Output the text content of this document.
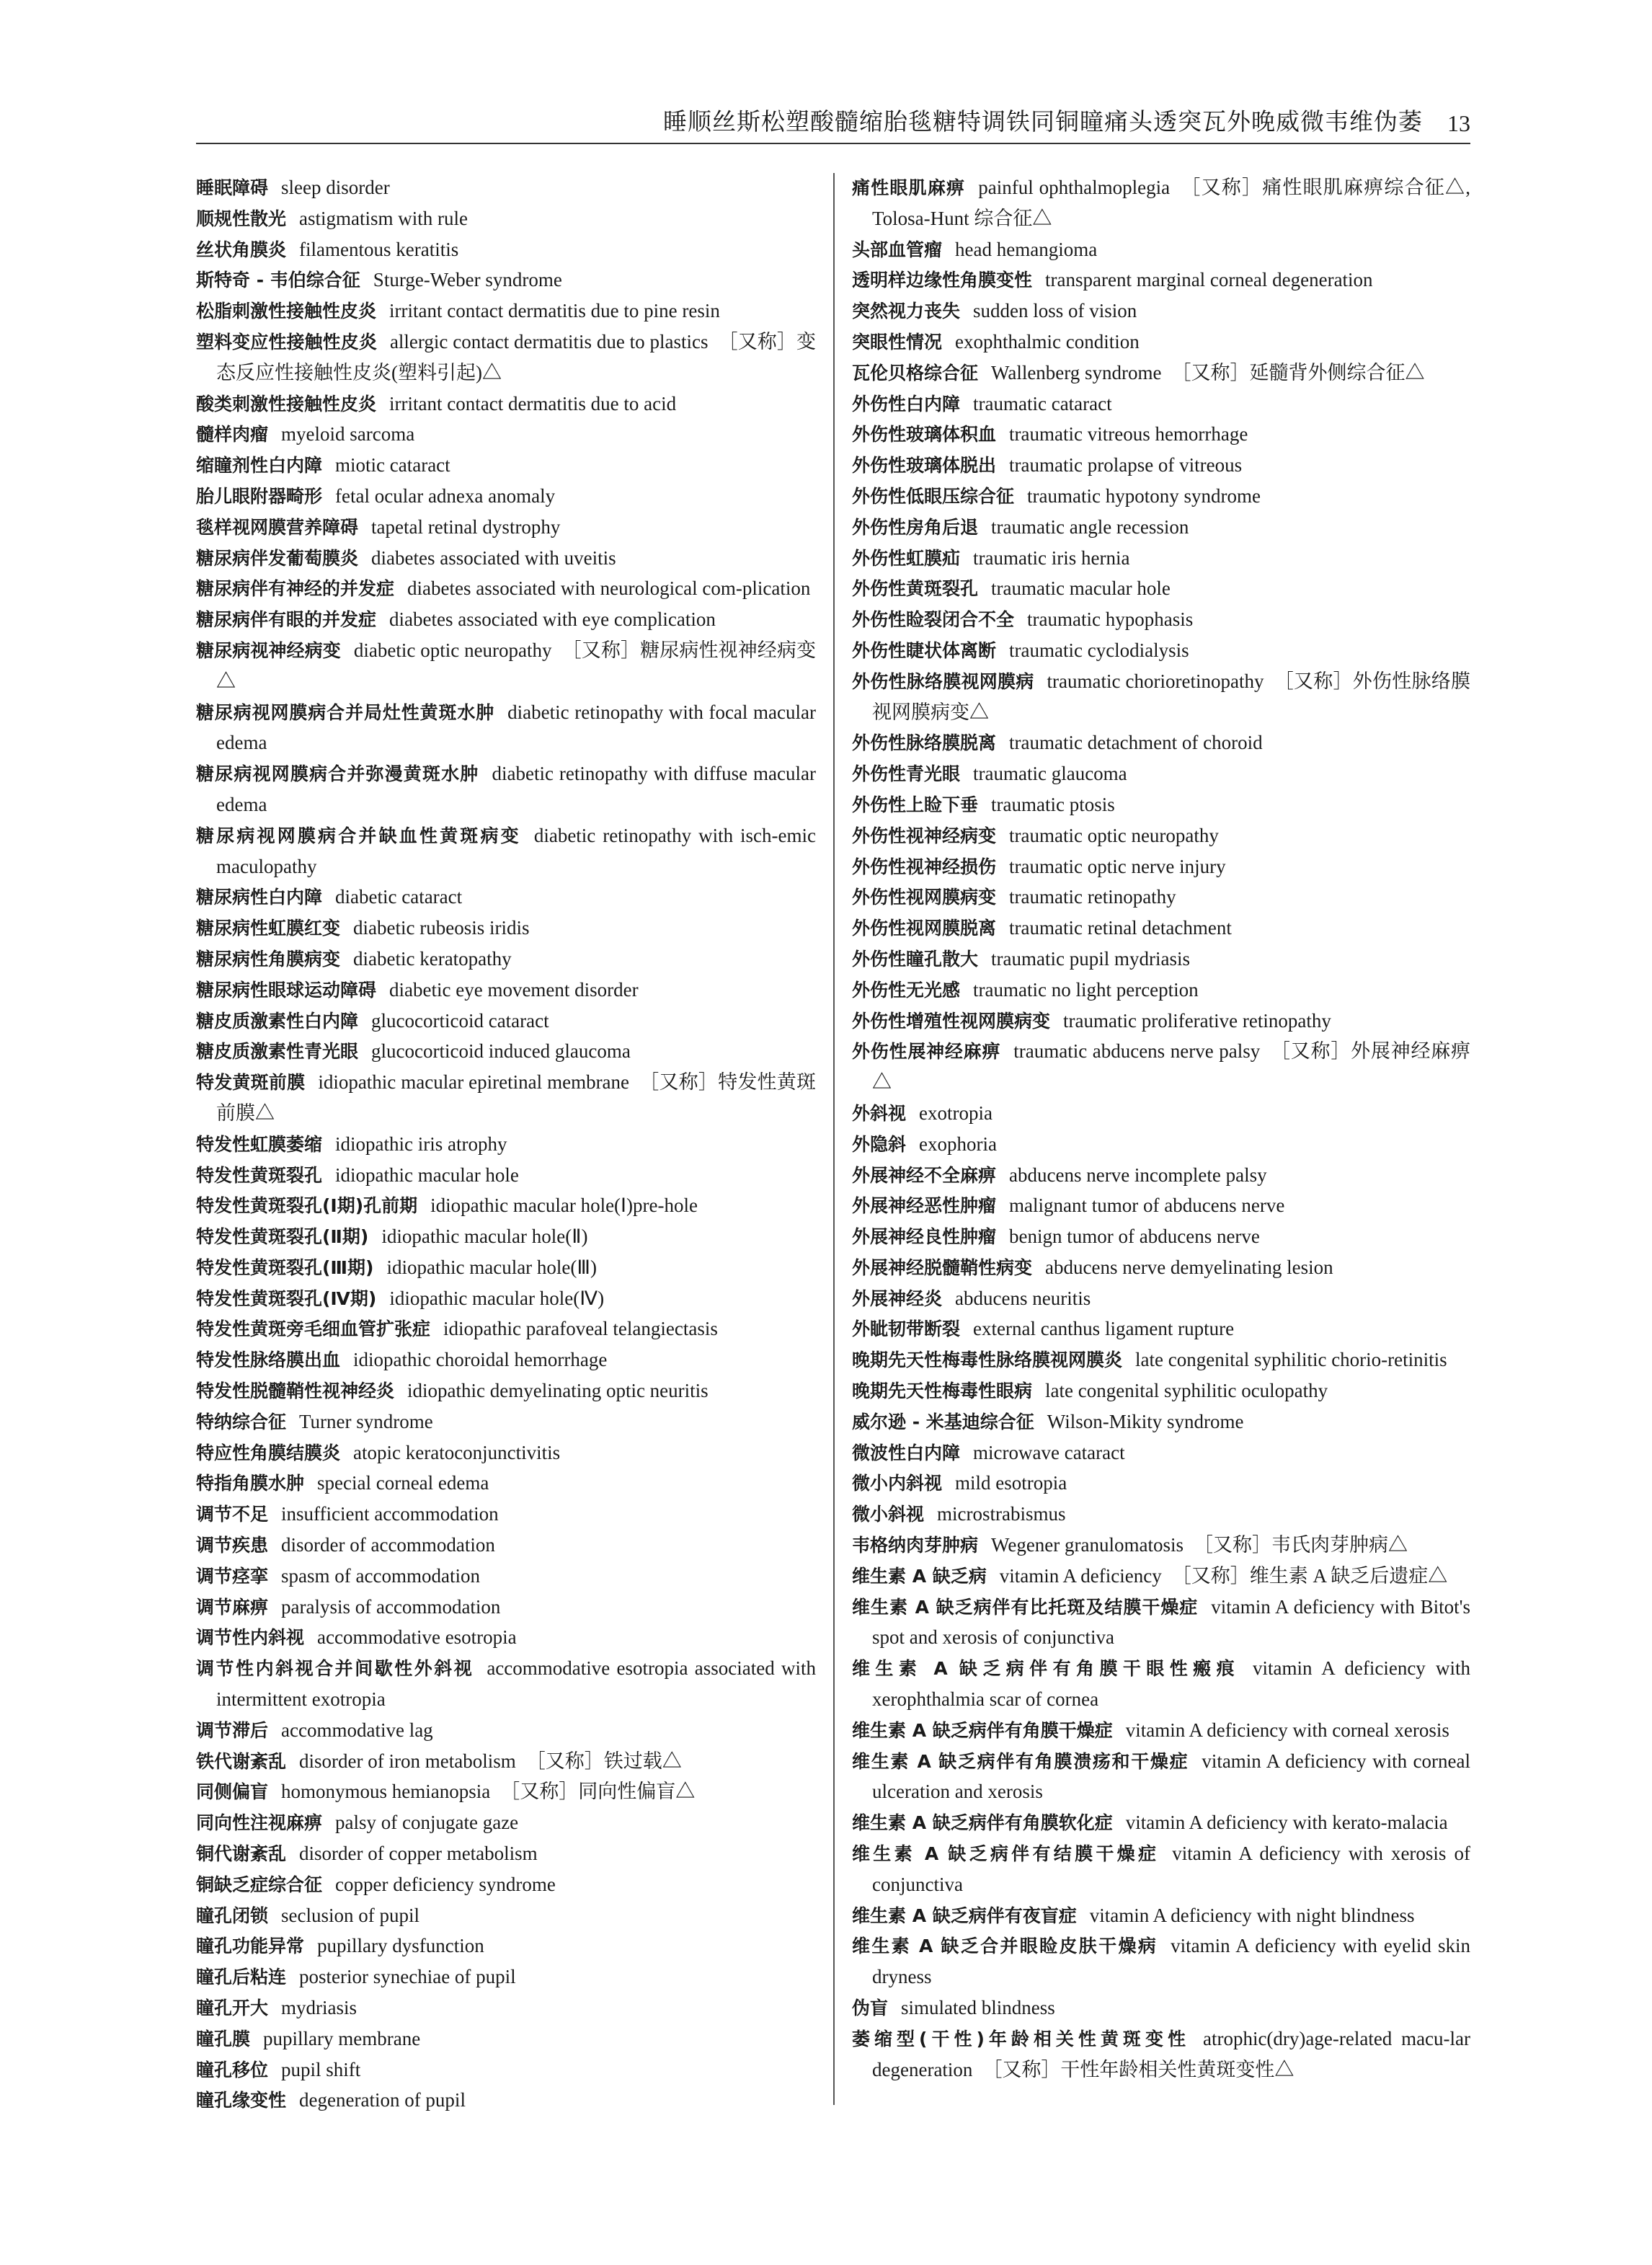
睡顺丝斯松塑酸髓缩胎毯糖特调铁同铜瞳痛头透突瓦外晚威微韦维伪萎 13
睡眠障碍 sleep disorder
顺规性散光 astigmatism with rule
丝状角膜炎 filamentous keratitis
斯特奇 - 韦伯综合征 Sturge-Weber syndrome
松脂刺激性接触性皮炎 irritant contact dermatitis due to pine resin
塑料变应性接触性皮炎 allergic contact dermatitis due to plastics ［又称］变态反应性接触性皮炎(塑料引起)△
酸类刺激性接触性皮炎 irritant contact dermatitis due to acid
髓样肉瘤 myeloid sarcoma
缩瞳剂性白内障 miotic cataract
胎儿眼附器畸形 fetal ocular adnexa anomaly
毯样视网膜营养障碍 tapetal retinal dystrophy
糖尿病伴发葡萄膜炎 diabetes associated with uveitis
糖尿病伴有神经的并发症 diabetes associated with neurological com-plication
糖尿病伴有眼的并发症 diabetes associated with eye complication
糖尿病视神经病变 diabetic optic neuropathy ［又称］糖尿病性视神经病变△
糖尿病视网膜病合并局灶性黄斑水肿 diabetic retinopathy with focal macular edema
糖尿病视网膜病合并弥漫黄斑水肿 diabetic retinopathy with diffuse macular edema
糖尿病视网膜病合并缺血性黄斑病变 diabetic retinopathy with isch-emic maculopathy
糖尿病性白内障 diabetic cataract
糖尿病性虹膜红变 diabetic rubeosis iridis
糖尿病性角膜病变 diabetic keratopathy
糖尿病性眼球运动障碍 diabetic eye movement disorder
糖皮质激素性白内障 glucocorticoid cataract
糖皮质激素性青光眼 glucocorticoid induced glaucoma
特发黄斑前膜 idiopathic macular epiretinal membrane ［又称］特发性黄斑前膜△
特发性虹膜萎缩 idiopathic iris atrophy
特发性黄斑裂孔 idiopathic macular hole
特发性黄斑裂孔(Ⅰ期)孔前期 idiopathic macular hole(Ⅰ)pre-hole
特发性黄斑裂孔(Ⅱ期) idiopathic macular hole(Ⅱ)
特发性黄斑裂孔(Ⅲ期) idiopathic macular hole(Ⅲ)
特发性黄斑裂孔(Ⅳ期) idiopathic macular hole(Ⅳ)
特发性黄斑旁毛细血管扩张症 idiopathic parafoveal telangiectasis
特发性脉络膜出血 idiopathic choroidal hemorrhage
特发性脱髓鞘性视神经炎 idiopathic demyelinating optic neuritis
特纳综合征 Turner syndrome
特应性角膜结膜炎 atopic keratoconjunctivitis
特指角膜水肿 special corneal edema
调节不足 insufficient accommodation
调节疾患 disorder of accommodation
调节痉挛 spasm of accommodation
调节麻痹 paralysis of accommodation
调节性内斜视 accommodative esotropia
调节性内斜视合并间歇性外斜视 accommodative esotropia associated with intermittent exotropia
调节滞后 accommodative lag
铁代谢紊乱 disorder of iron metabolism ［又称］铁过载△
同侧偏盲 homonymous hemianopsia ［又称］同向性偏盲△
同向性注视麻痹 palsy of conjugate gaze
铜代谢紊乱 disorder of copper metabolism
铜缺乏症综合征 copper deficiency syndrome
瞳孔闭锁 seclusion of pupil
瞳孔功能异常 pupillary dysfunction
瞳孔后粘连 posterior synechiae of pupil
瞳孔开大 mydriasis
瞳孔膜 pupillary membrane
瞳孔移位 pupil shift
瞳孔缘变性 degeneration of pupil
痛性眼肌麻痹 painful ophthalmoplegia ［又称］痛性眼肌麻痹综合征△, Tolosa-Hunt 综合征△
头部血管瘤 head hemangioma
透明样边缘性角膜变性 transparent marginal corneal degeneration
突然视力丧失 sudden loss of vision
突眼性情况 exophthalmic condition
瓦伦贝格综合征 Wallenberg syndrome ［又称］延髓背外侧综合征△
外伤性白内障 traumatic cataract
外伤性玻璃体积血 traumatic vitreous hemorrhage
外伤性玻璃体脱出 traumatic prolapse of vitreous
外伤性低眼压综合征 traumatic hypotony syndrome
外伤性房角后退 traumatic angle recession
外伤性虹膜疝 traumatic iris hernia
外伤性黄斑裂孔 traumatic macular hole
外伤性睑裂闭合不全 traumatic hypophasis
外伤性睫状体离断 traumatic cyclodialysis
外伤性脉络膜视网膜病 traumatic chorioretinopathy ［又称］外伤性脉络膜视网膜病变△
外伤性脉络膜脱离 traumatic detachment of choroid
外伤性青光眼 traumatic glaucoma
外伤性上睑下垂 traumatic ptosis
外伤性视神经病变 traumatic optic neuropathy
外伤性视神经损伤 traumatic optic nerve injury
外伤性视网膜病变 traumatic retinopathy
外伤性视网膜脱离 traumatic retinal detachment
外伤性瞳孔散大 traumatic pupil mydriasis
外伤性无光感 traumatic no light perception
外伤性增殖性视网膜病变 traumatic proliferative retinopathy
外伤性展神经麻痹 traumatic abducens nerve palsy ［又称］外展神经麻痹△
外斜视 exotropia
外隐斜 exophoria
外展神经不全麻痹 abducens nerve incomplete palsy
外展神经恶性肿瘤 malignant tumor of abducens nerve
外展神经良性肿瘤 benign tumor of abducens nerve
外展神经脱髓鞘性病变 abducens nerve demyelinating lesion
外展神经炎 abducens neuritis
外眦韧带断裂 external canthus ligament rupture
晚期先天性梅毒性脉络膜视网膜炎 late congenital syphilitic chorio-retinitis
晚期先天性梅毒性眼病 late congenital syphilitic oculopathy
威尔逊 - 米基迪综合征 Wilson-Mikity syndrome
微波性白内障 microwave cataract
微小内斜视 mild esotropia
微小斜视 microstrabismus
韦格纳肉芽肿病 Wegener granulomatosis ［又称］韦氏肉芽肿病△
维生素 A 缺乏病 vitamin A deficiency ［又称］维生素 A 缺乏后遗症△
维生素 A 缺乏病伴有比托斑及结膜干燥症 vitamin A deficiency with Bitot's spot and xerosis of conjunctiva
维生素 A 缺乏病伴有角膜干眼性瘢痕 vitamin A deficiency with xerophthalmia scar of cornea
维生素 A 缺乏病伴有角膜干燥症 vitamin A deficiency with corneal xerosis
维生素 A 缺乏病伴有角膜溃疡和干燥症 vitamin A deficiency with corneal ulceration and xerosis
维生素 A 缺乏病伴有角膜软化症 vitamin A deficiency with kerato-malacia
维生素 A 缺乏病伴有结膜干燥症 vitamin A deficiency with xerosis of conjunctiva
维生素 A 缺乏病伴有夜盲症 vitamin A deficiency with night blindness
维生素 A 缺乏合并眼睑皮肤干燥病 vitamin A deficiency with eyelid skin dryness
伪盲 simulated blindness
萎缩型(干性)年龄相关性黄斑变性 atrophic(dry)age-related macu-lar degeneration ［又称］干性年龄相关性黄斑变性△
